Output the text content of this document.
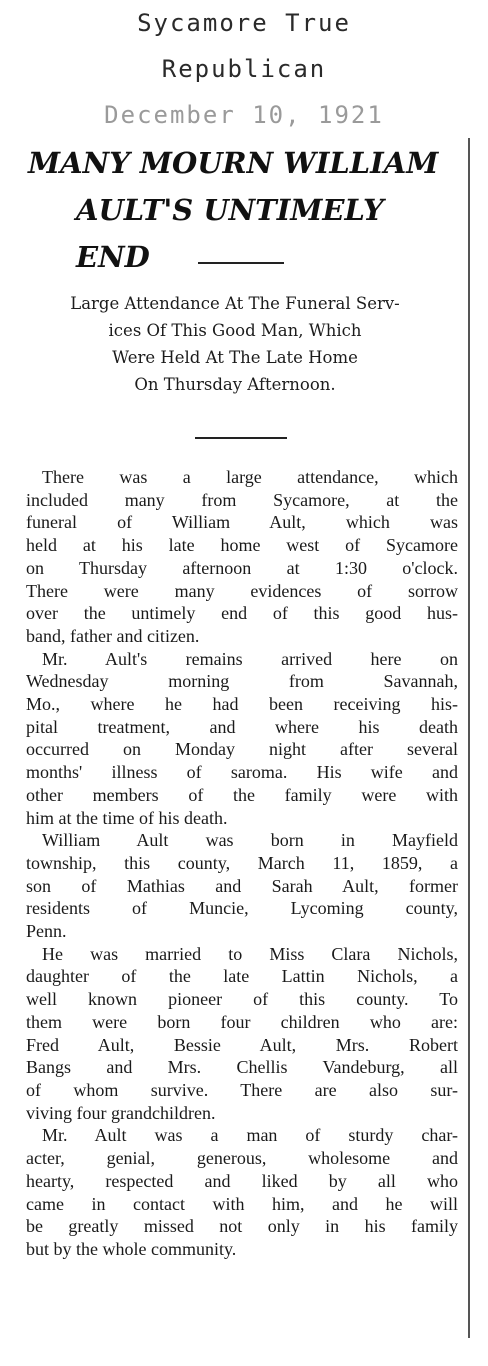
Sycamore True
Republican
December 10, 1921
MANY MOURN WILLIAM
AULT'S UNTIMELY END
Large Attendance At The Funeral Serv-
ices Of This Good Man, Which
Were Held At The Late Home
On Thursday Afternoon.
There was a large attendance, which
included many from Sycamore, at the
funeral of William Ault, which was
held at his late home west of Sycamore
on Thursday afternoon at 1:30 o'clock.
There were many evidences of sorrow
over the untimely end of this good hus-
band, father and citizen.
Mr. Ault's remains arrived here on
Wednesday morning from Savannah,
Mo., where he had been receiving his-
pital treatment, and where his death
occurred on Monday night after several
months' illness of saroma. His wife and
other members of the family were with
him at the time of his death.
William Ault was born in Mayfield
township, this county, March 11, 1859, a
son of Mathias and Sarah Ault, former
residents of Muncie, Lycoming county,
Penn.
He was married to Miss Clara Nichols,
daughter of the late Lattin Nichols, a
well known pioneer of this county. To
them were born four children who are:
Fred Ault, Bessie Ault, Mrs. Robert
Bangs and Mrs. Chellis Vandeburg, all
of whom survive. There are also sur-
viving four grandchildren.
Mr. Ault was a man of sturdy char-
acter, genial, generous, wholesome and
hearty, respected and liked by all who
came in contact with him, and he will
be greatly missed not only in his family
but by the whole community.
